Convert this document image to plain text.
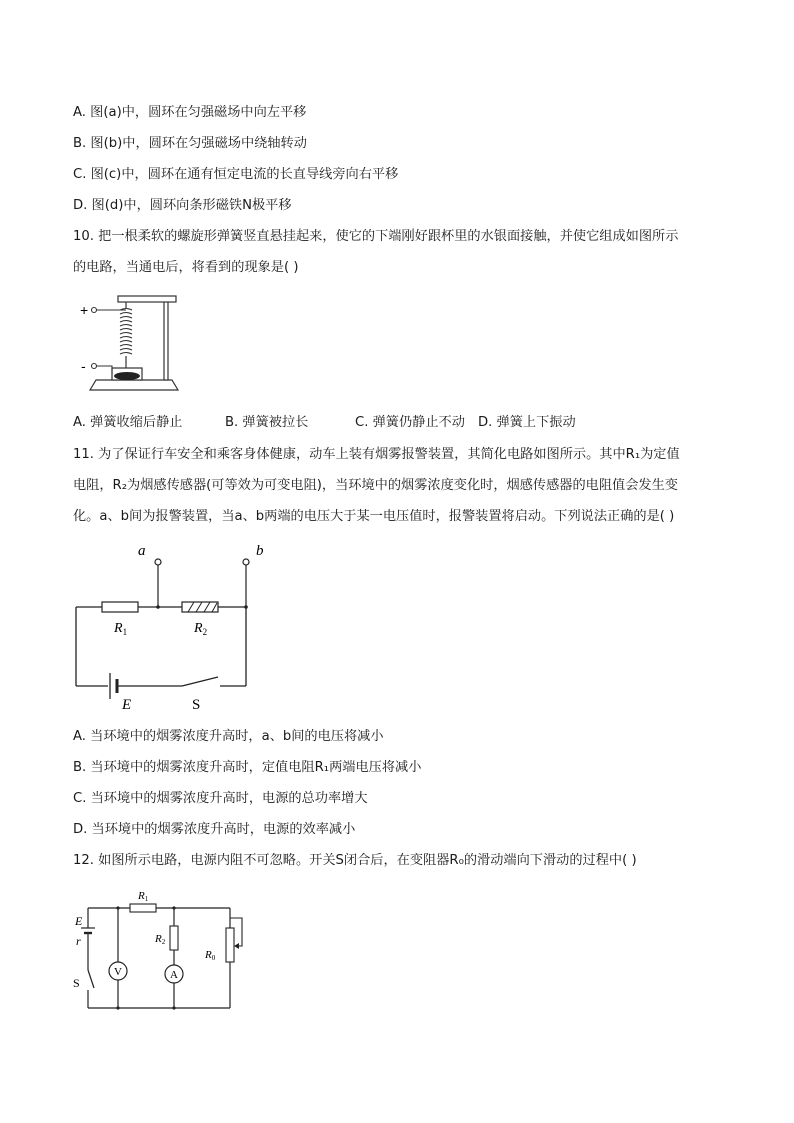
A. 图(a)中，圆环在匀强磁场中向左平移
B. 图(b)中，圆环在匀强磁场中绕轴转动
C. 图(c)中，圆环在通有恒定电流的长直导线旁向右平移
D. 图(d)中，圆环向条形磁铁N极平移
10. 把一根柔软的螺旋形弹簧竖直悬挂起来，使它的下端刚好跟杯里的水银面接触，并使它组成如图所示
的电路，当通电后，将看到的现象是( )
+
-
A. 弹簧收缩后静止	B. 弹簧被拉长	C. 弹簧仍静止不动 D. 弹簧上下振动
11. 为了保证行车安全和乘客身体健康，动车上装有烟雾报警装置，其简化电路如图所示。其中R₁为定值
电阻，R₂为烟感传感器(可等效为可变电阻)，当环境中的烟雾浓度变化时，烟感传感器的电阻值会发生变
化。a、b间为报警装置，当a、b两端的电压大于某一电压值时，报警装置将启动。下列说法正确的是( )
a	b
$R_1$	$R_2$
E	S
A. 当环境中的烟雾浓度升高时，a、b间的电压将减小
B. 当环境中的烟雾浓度升高时，定值电阻R₁两端电压将减小
C. 当环境中的烟雾浓度升高时，电源的总功率增大
D. 当环境中的烟雾浓度升高时，电源的效率减小
12. 如图所示电路，电源内阻不可忽略。开关S闭合后，在变阻器R₀的滑动端向下滑动的过程中( )
E
r
S
V	A
R1
R2
R0
